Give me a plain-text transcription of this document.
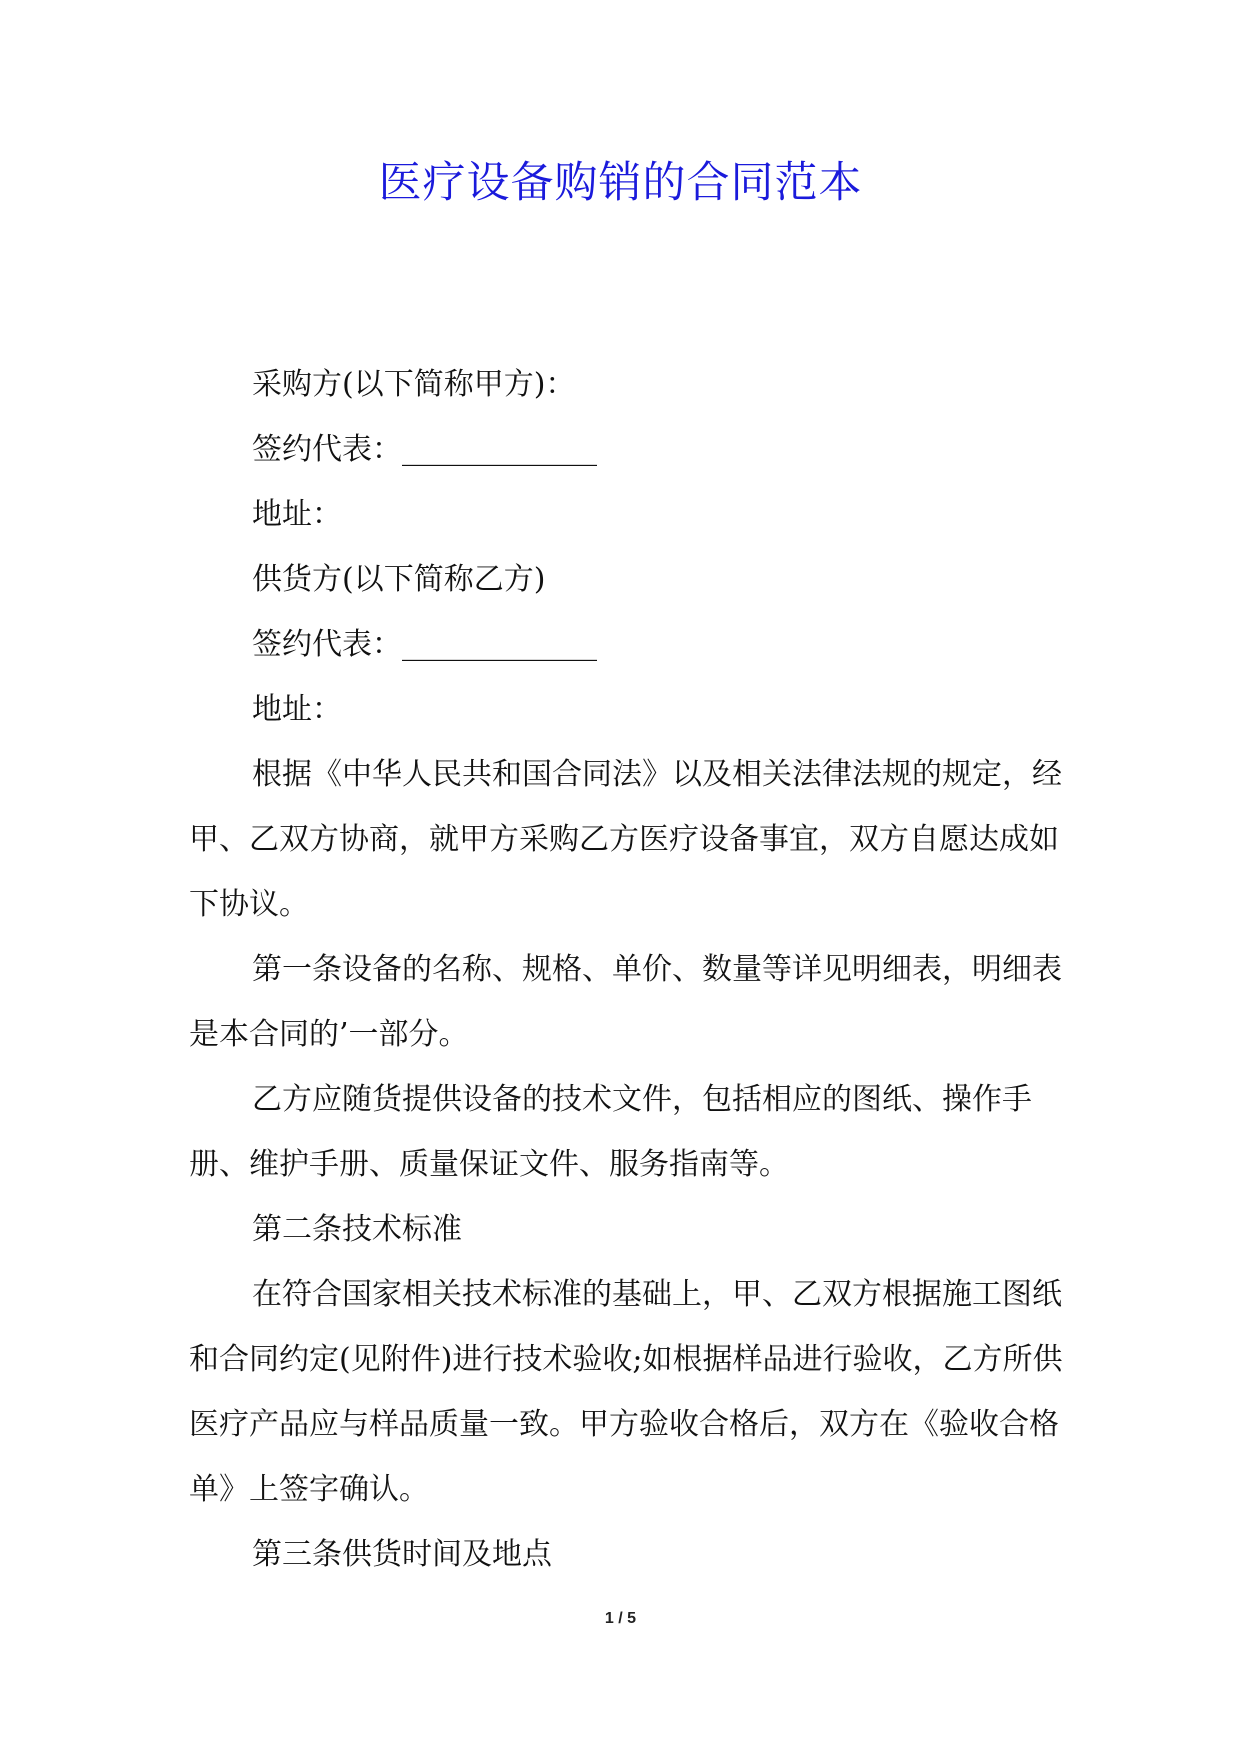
医疗设备购销的合同范本

采购方(以下简称甲方)：

签约代表：_____________

地址：

供货方(以下简称乙方)

签约代表：_____________

地址：

根据《中华人民共和国合同法》以及相关法律法规的规定，经甲、乙双方协商，就甲方采购乙方医疗设备事宜，双方自愿达成如下协议。

第一条设备的名称、规格、单价、数量等详见明细表，明细表是本合同的’一部分。

乙方应随货提供设备的技术文件，包括相应的图纸、操作手册、维护手册、质量保证文件、服务指南等。

第二条技术标准

在符合国家相关技术标准的基础上，甲、乙双方根据施工图纸和合同约定(见附件)进行技术验收;如根据样品进行验收，乙方所供医疗产品应与样品质量一致。甲方验收合格后，双方在《验收合格单》上签字确认。

第三条供货时间及地点

1 / 5
